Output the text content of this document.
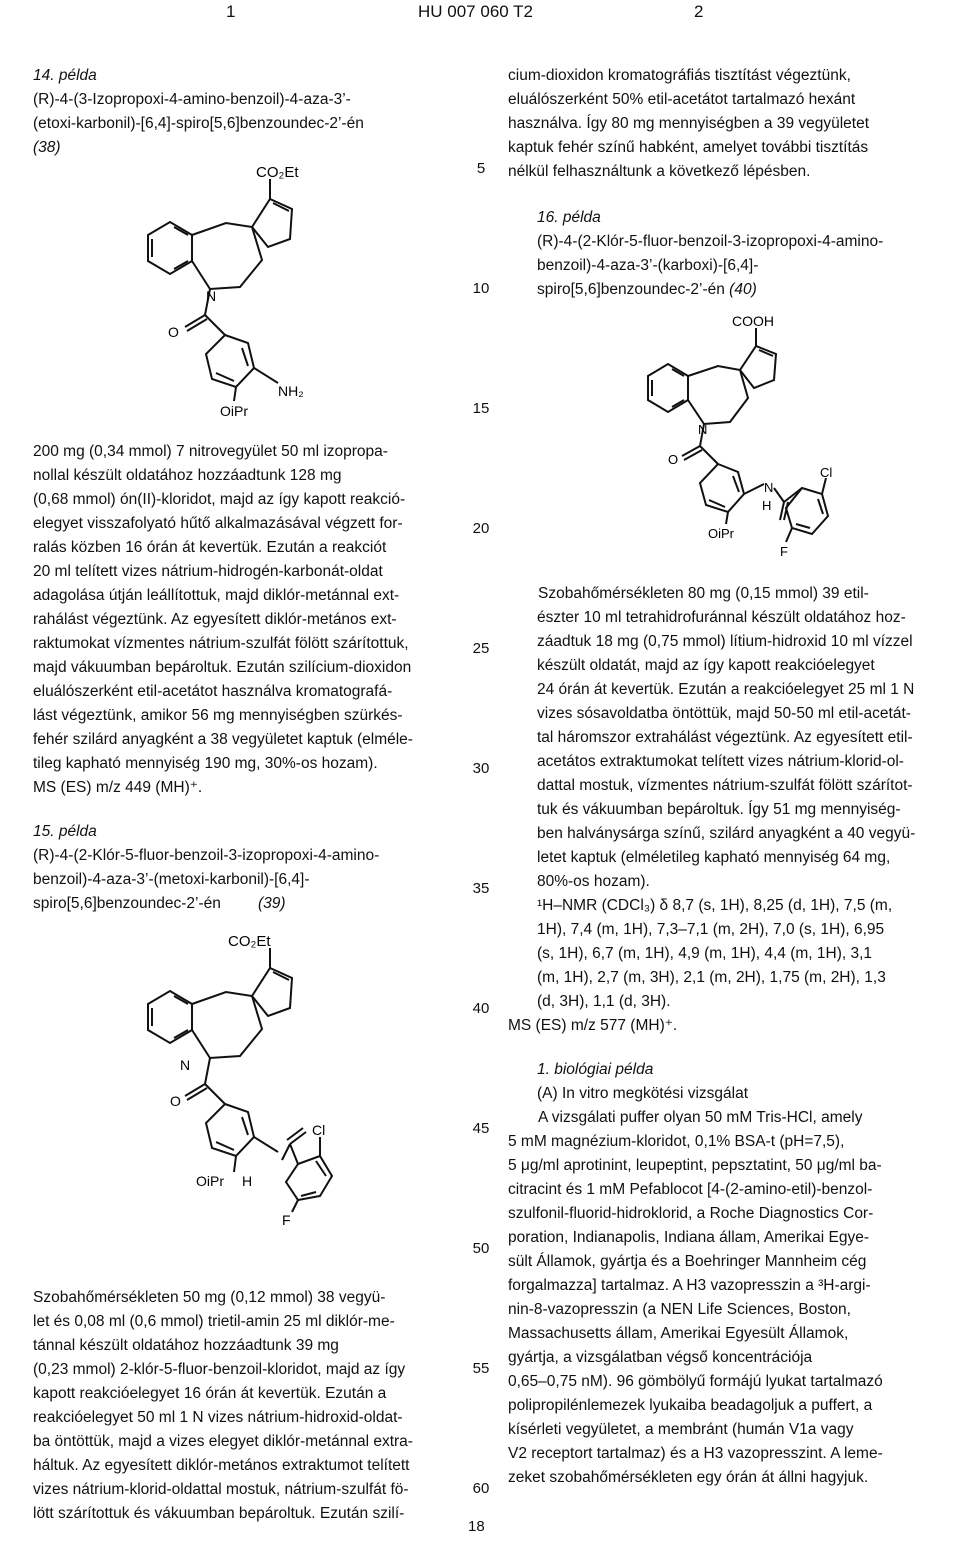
1	HU 007 060 T2	2
5
10
15
20
25
30
35
40
45
50
55
60

14. példa

(R)-4-(3-Izopropoxi-4-amino-benzoil)-4-aza-3’-

(etoxi-karbonil)-[6,4]-spiro[5,6]benzoundec-2’-én

(38)

CO₂Et
N
O
OiPr
NH₂

200 mg (0,34 mmol) 7 nitrovegyület 50 ml izopropa-

nollal készült oldatához hozzáadtunk 128 mg

(0,68 mmol) ón(II)-kloridot, majd az így kapott reakció-

elegyet visszafolyató hűtő alkalmazásával végzett for-

ralás közben 16 órán át kevertük. Ezután a reakciót

20 ml telített vizes nátrium-hidrogén-karbonát-oldat

adagolása útján leállítottuk, majd diklór-metánnal ext-

rahálást végeztünk. Az egyesített diklór-metános ext-

raktumokat vízmentes nátrium-szulfát fölött szárítottuk,

majd vákuumban bepároltuk. Ezután szilícium-dioxidon

eluálószerként etil-acetátot használva kromatografá-

lást végeztünk, amikor 56 mg mennyiségben szürkés-

fehér szilárd anyagként a 38 vegyületet kaptuk (elméle-

tileg kapható mennyiség 190 mg, 30%-os hozam).

MS (ES) m/z 449 (MH)⁺.

15. példa

(R)-4-(2-Klór-5-fluor-benzoil-3-izopropoxi-4-amino-

benzoil)-4-aza-3’-(metoxi-karbonil)-[6,4]-

spiro[5,6]benzoundec-2’-én	(39)
CO₂Et
N
O
OiPr H
Cl
F

Szobahőmérsékleten 50 mg (0,12 mmol) 38 vegyü-

let és 0,08 ml (0,6 mmol) trietil-amin 25 ml diklór-me-

tánnal készült oldatához hozzáadtunk 39 mg

(0,23 mmol) 2-klór-5-fluor-benzoil-kloridot, majd az így

kapott reakcióelegyet 16 órán át kevertük. Ezután a

reakcióelegyet 50 ml 1 N vizes nátrium-hidroxid-oldat-

ba öntöttük, majd a vizes elegyet diklór-metánnal extra-

háltuk. Az egyesített diklór-metános extraktumot telített

vizes nátrium-klorid-oldattal mostuk, nátrium-szulfát fö-

lött szárítottuk és vákuumban bepároltuk. Ezután szilí-

cium-dioxidon kromatográfiás tisztítást végeztünk,

eluálószerként 50% etil-acetátot tartalmazó hexánt

használva. Így 80 mg mennyiségben a 39 vegyületet

kaptuk fehér színű habként, amelyet további tisztítás

nélkül felhasználtunk a következő lépésben.

16. példa

(R)-4-(2-Klór-5-fluor-benzoil-3-izopropoxi-4-amino-

benzoil)-4-aza-3’-(karboxi)-[6,4]-

spiro[5,6]benzoundec-2’-én (40)
COOH
N
O
OiPr
H
N
Cl
F

Szobahőmérsékleten 80 mg (0,15 mmol) 39 etil-

észter 10 ml tetrahidrofuránnal készült oldatához hoz-

záadtuk 18 mg (0,75 mmol) lítium-hidroxid 10 ml vízzel

készült oldatát, majd az így kapott reakcióelegyet

24 órán át kevertük. Ezután a reakcióelegyet 25 ml 1 N

vizes sósavoldatba öntöttük, majd 50-50 ml etil-acetát-

tal háromszor extrahálást végeztünk. Az egyesített etil-

acetátos extraktumokat telített vizes nátrium-klorid-ol-

dattal mostuk, vízmentes nátrium-szulfát fölött szárítot-

tuk és vákuumban bepároltuk. Így 51 mg mennyiség-

ben halványsárga színű, szilárd anyagként a 40 vegyü-

letet kaptuk (elméletileg kapható mennyiség 64 mg,

80%-os hozam).

¹H–NMR (CDCl₃) δ 8,7 (s, 1H), 8,25 (d, 1H), 7,5 (m,

1H), 7,4 (m, 1H), 7,3–7,1 (m, 2H), 7,0 (s, 1H), 6,95

(s, 1H), 6,7 (m, 1H), 4,9 (m, 1H), 4,4 (m, 1H), 3,1

(m, 1H), 2,7 (m, 3H), 2,1 (m, 2H), 1,75 (m, 2H), 1,3

(d, 3H), 1,1 (d, 3H).

MS (ES) m/z 577 (MH)⁺.

1. biológiai példa

(A) In vitro megkötési vizsgálat

A vizsgálati puffer olyan 50 mM Tris-HCl, amely

5 mM magnézium-kloridot, 0,1% BSA-t (pH=7,5),

5 μg/ml aprotinint, leupeptint, pepsztatint, 50 μg/ml ba-

citracint és 1 mM Pefablocot [4-(2-amino-etil)-benzol-

szulfonil-fluorid-hidroklorid, a Roche Diagnostics Cor-

poration, Indianapolis, Indiana állam, Amerikai Egye-

sült Államok, gyártja és a Boehringer Mannheim cég

forgalmazza] tartalmaz. A H3 vazopresszin a ³H-argi-

nin-8-vazopresszin (a NEN Life Sciences, Boston,

Massachusetts állam, Amerikai Egyesült Államok,

gyártja, a vizsgálatban végső koncentrációja

0,65–0,75 nM). 96 gömbölyű formájú lyukat tartalmazó

polipropilénlemezek lyukaiba beadagoljuk a puffert, a

kísérleti vegyületet, a membránt (humán V1a vagy

V2 receptort tartalmaz) és a H3 vazopresszint. A leme-

zeket szobahőmérsékleten egy órán át állni hagyjuk.

18
